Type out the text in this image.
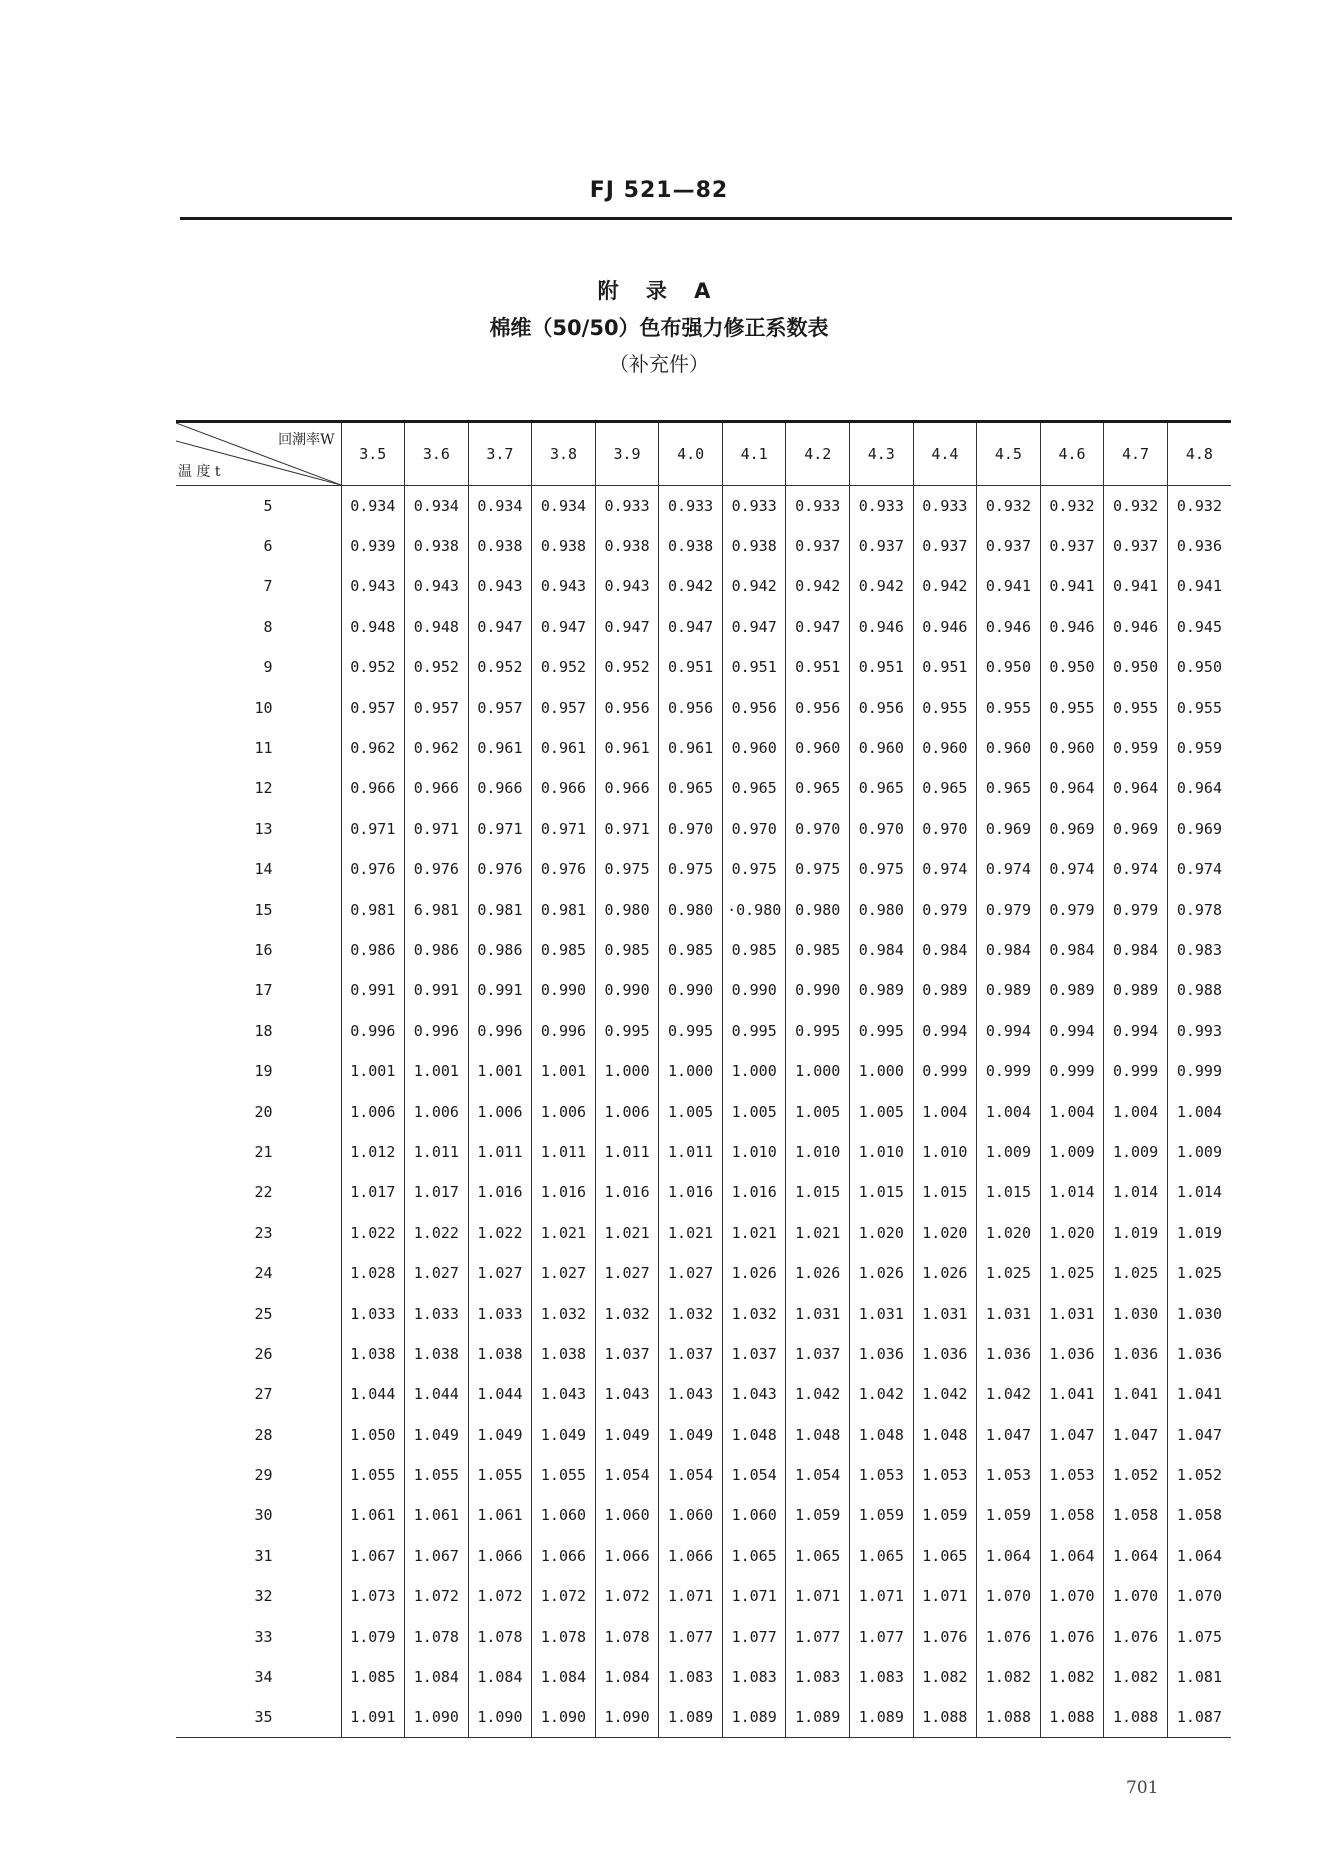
FJ 521—82
附 录 A
棉维（50/50）色布强力修正系数表
（补充件）
回潮率W
温 度 t	3.5	3.6	3.7	3.8	3.9	4.0	4.1	4.2	4.3	4.4	4.5	4.6	4.7	4.8
5	0.934	0.934	0.934	0.934	0.933	0.933	0.933	0.933	0.933	0.933	0.932	0.932	0.932	0.932
6	0.939	0.938	0.938	0.938	0.938	0.938	0.938	0.937	0.937	0.937	0.937	0.937	0.937	0.936
7	0.943	0.943	0.943	0.943	0.943	0.942	0.942	0.942	0.942	0.942	0.941	0.941	0.941	0.941
8	0.948	0.948	0.947	0.947	0.947	0.947	0.947	0.947	0.946	0.946	0.946	0.946	0.946	0.945
9	0.952	0.952	0.952	0.952	0.952	0.951	0.951	0.951	0.951	0.951	0.950	0.950	0.950	0.950
10	0.957	0.957	0.957	0.957	0.956	0.956	0.956	0.956	0.956	0.955	0.955	0.955	0.955	0.955
11	0.962	0.962	0.961	0.961	0.961	0.961	0.960	0.960	0.960	0.960	0.960	0.960	0.959	0.959
12	0.966	0.966	0.966	0.966	0.966	0.965	0.965	0.965	0.965	0.965	0.965	0.964	0.964	0.964
13	0.971	0.971	0.971	0.971	0.971	0.970	0.970	0.970	0.970	0.970	0.969	0.969	0.969	0.969
14	0.976	0.976	0.976	0.976	0.975	0.975	0.975	0.975	0.975	0.974	0.974	0.974	0.974	0.974
15	0.981	6.981	0.981	0.981	0.980	0.980	·0.980	0.980	0.980	0.979	0.979	0.979	0.979	0.978
16	0.986	0.986	0.986	0.985	0.985	0.985	0.985	0.985	0.984	0.984	0.984	0.984	0.984	0.983
17	0.991	0.991	0.991	0.990	0.990	0.990	0.990	0.990	0.989	0.989	0.989	0.989	0.989	0.988
18	0.996	0.996	0.996	0.996	0.995	0.995	0.995	0.995	0.995	0.994	0.994	0.994	0.994	0.993
19	1.001	1.001	1.001	1.001	1.000	1.000	1.000	1.000	1.000	0.999	0.999	0.999	0.999	0.999
20	1.006	1.006	1.006	1.006	1.006	1.005	1.005	1.005	1.005	1.004	1.004	1.004	1.004	1.004
21	1.012	1.011	1.011	1.011	1.011	1.011	1.010	1.010	1.010	1.010	1.009	1.009	1.009	1.009
22	1.017	1.017	1.016	1.016	1.016	1.016	1.016	1.015	1.015	1.015	1.015	1.014	1.014	1.014
23	1.022	1.022	1.022	1.021	1.021	1.021	1.021	1.021	1.020	1.020	1.020	1.020	1.019	1.019
24	1.028	1.027	1.027	1.027	1.027	1.027	1.026	1.026	1.026	1.026	1.025	1.025	1.025	1.025
25	1.033	1.033	1.033	1.032	1.032	1.032	1.032	1.031	1.031	1.031	1.031	1.031	1.030	1.030
26	1.038	1.038	1.038	1.038	1.037	1.037	1.037	1.037	1.036	1.036	1.036	1.036	1.036	1.036
27	1.044	1.044	1.044	1.043	1.043	1.043	1.043	1.042	1.042	1.042	1.042	1.041	1.041	1.041
28	1.050	1.049	1.049	1.049	1.049	1.049	1.048	1.048	1.048	1.048	1.047	1.047	1.047	1.047
29	1.055	1.055	1.055	1.055	1.054	1.054	1.054	1.054	1.053	1.053	1.053	1.053	1.052	1.052
30	1.061	1.061	1.061	1.060	1.060	1.060	1.060	1.059	1.059	1.059	1.059	1.058	1.058	1.058
31	1.067	1.067	1.066	1.066	1.066	1.066	1.065	1.065	1.065	1.065	1.064	1.064	1.064	1.064
32	1.073	1.072	1.072	1.072	1.072	1.071	1.071	1.071	1.071	1.071	1.070	1.070	1.070	1.070
33	1.079	1.078	1.078	1.078	1.078	1.077	1.077	1.077	1.077	1.076	1.076	1.076	1.076	1.075
34	1.085	1.084	1.084	1.084	1.084	1.083	1.083	1.083	1.083	1.082	1.082	1.082	1.082	1.081
35	1.091	1.090	1.090	1.090	1.090	1.089	1.089	1.089	1.089	1.088	1.088	1.088	1.088	1.087
701
